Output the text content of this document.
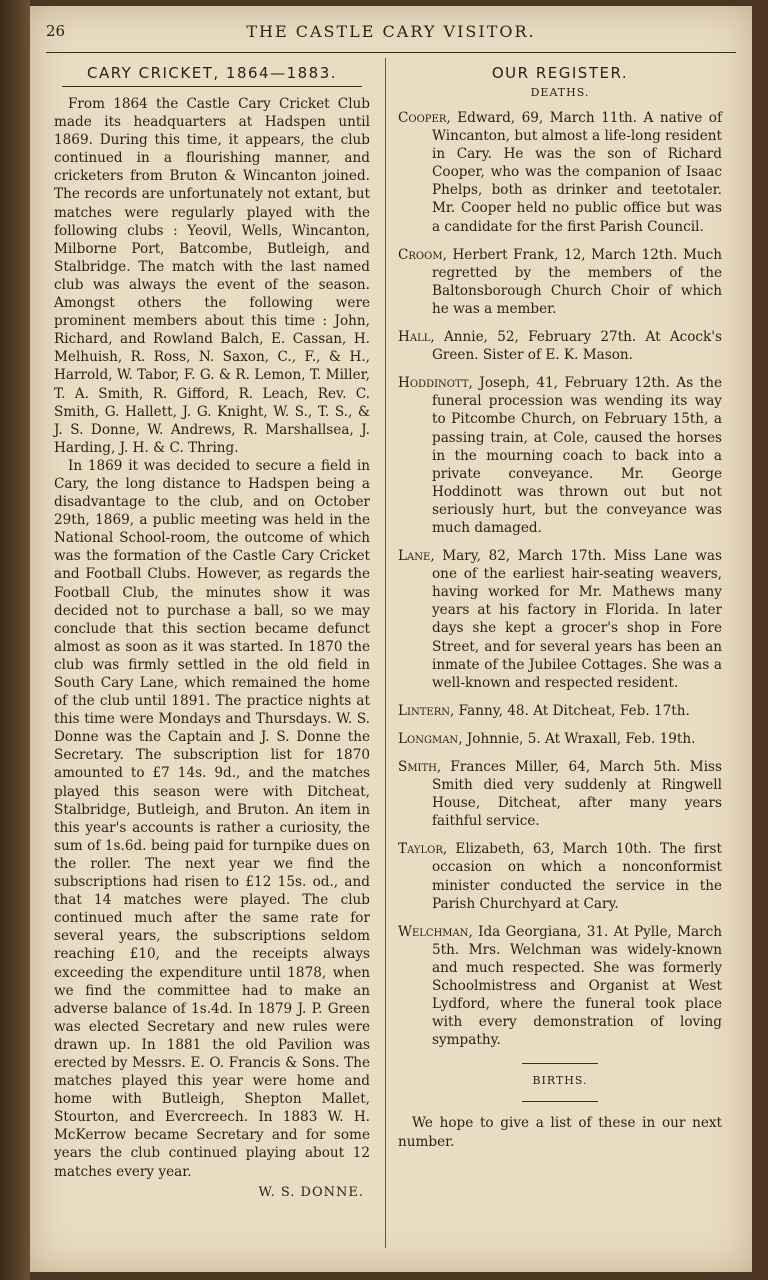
26	THE CASTLE CARY VISITOR.
CARY CRICKET, 1864—1883.

From 1864 the Castle Cary Cricket Club made its headquarters at Hadspen until 1869. During this time, it appears, the club continued in a flourishing manner, and cricketers from Bruton & Wincanton joined. The records are unfortunately not extant, but matches were regularly played with the following clubs : Yeovil, Wells, Wincanton, Milborne Port, Batcombe, Butleigh, and Stalbridge. The match with the last named club was always the event of the season. Amongst others the following were prominent members about this time : John, Richard, and Rowland Balch, E. Cassan, H. Melhuish, R. Ross, N. Saxon, C., F., & H., Harrold, W. Tabor, F. G. & R. Lemon, T. Miller, T. A. Smith, R. Gifford, R. Leach, Rev. C. Smith, G. Hallett, J. G. Knight, W. S., T. S., & J. S. Donne, W. Andrews, R. Marshallsea, J. Harding, J. H. & C. Thring.

In 1869 it was decided to secure a field in Cary, the long distance to Hadspen being a disadvantage to the club, and on October 29th, 1869, a public meeting was held in the National School-room, the outcome of which was the formation of the Castle Cary Cricket and Football Clubs. However, as regards the Football Club, the minutes show it was decided not to purchase a ball, so we may conclude that this section became defunct almost as soon as it was started. In 1870 the club was firmly settled in the old field in South Cary Lane, which remained the home of the club until 1891. The practice nights at this time were Mondays and Thursdays. W. S. Donne was the Captain and J. S. Donne the Secretary. The subscription list for 1870 amounted to £7 14s. 9d., and the matches played this season were with Ditcheat, Stalbridge, Butleigh, and Bruton. An item in this year's accounts is rather a curiosity, the sum of 1s.6d. being paid for turnpike dues on the roller. The next year we find the subscriptions had risen to £12 15s. od., and that 14 matches were played. The club continued much after the same rate for several years, the subscriptions seldom reaching £10, and the receipts always exceeding the expenditure until 1878, when we find the committee had to make an adverse balance of 1s.4d. In 1879 J. P. Green was elected Secretary and new rules were drawn up. In 1881 the old Pavilion was erected by Messrs. E. O. Francis & Sons. The matches played this year were home and home with Butleigh, Shepton Mallet, Stourton, and Evercreech. In 1883 W. H. McKerrow became Secretary and for some years the club continued playing about 12 matches every year.

W. S. DONNE.
OUR REGISTER.
DEATHS.

Cooper, Edward, 69, March 11th. A native of Wincanton, but almost a life-long resident in Cary. He was the son of Richard Cooper, who was the companion of Isaac Phelps, both as drinker and teetotaler. Mr. Cooper held no public office but was a candidate for the first Parish Council.

Croom, Herbert Frank, 12, March 12th. Much regretted by the members of the Baltonsborough Church Choir of which he was a member.

Hall, Annie, 52, February 27th. At Acock's Green. Sister of E. K. Mason.

Hoddinott, Joseph, 41, February 12th. As the funeral procession was wending its way to Pitcombe Church, on February 15th, a passing train, at Cole, caused the horses in the mourning coach to back into a private conveyance. Mr. George Hoddinott was thrown out but not seriously hurt, but the conveyance was much damaged.

Lane, Mary, 82, March 17th. Miss Lane was one of the earliest hair-seating weavers, having worked for Mr. Mathews many years at his factory in Florida. In later days she kept a grocer's shop in Fore Street, and for several years has been an inmate of the Jubilee Cottages. She was a well-known and respected resident.

Lintern, Fanny, 48. At Ditcheat, Feb. 17th.

Longman, Johnnie, 5. At Wraxall, Feb. 19th.

Smith, Frances Miller, 64, March 5th. Miss Smith died very suddenly at Ringwell House, Ditcheat, after many years faithful service.

Taylor, Elizabeth, 63, March 10th. The first occasion on which a nonconformist minister conducted the service in the Parish Churchyard at Cary.

Welchman, Ida Georgiana, 31. At Pylle, March 5th. Mrs. Welchman was widely-known and much respected. She was formerly Schoolmistress and Organist at West Lydford, where the funeral took place with every demonstration of loving sympathy.

BIRTHS.

We hope to give a list of these in our next number.
